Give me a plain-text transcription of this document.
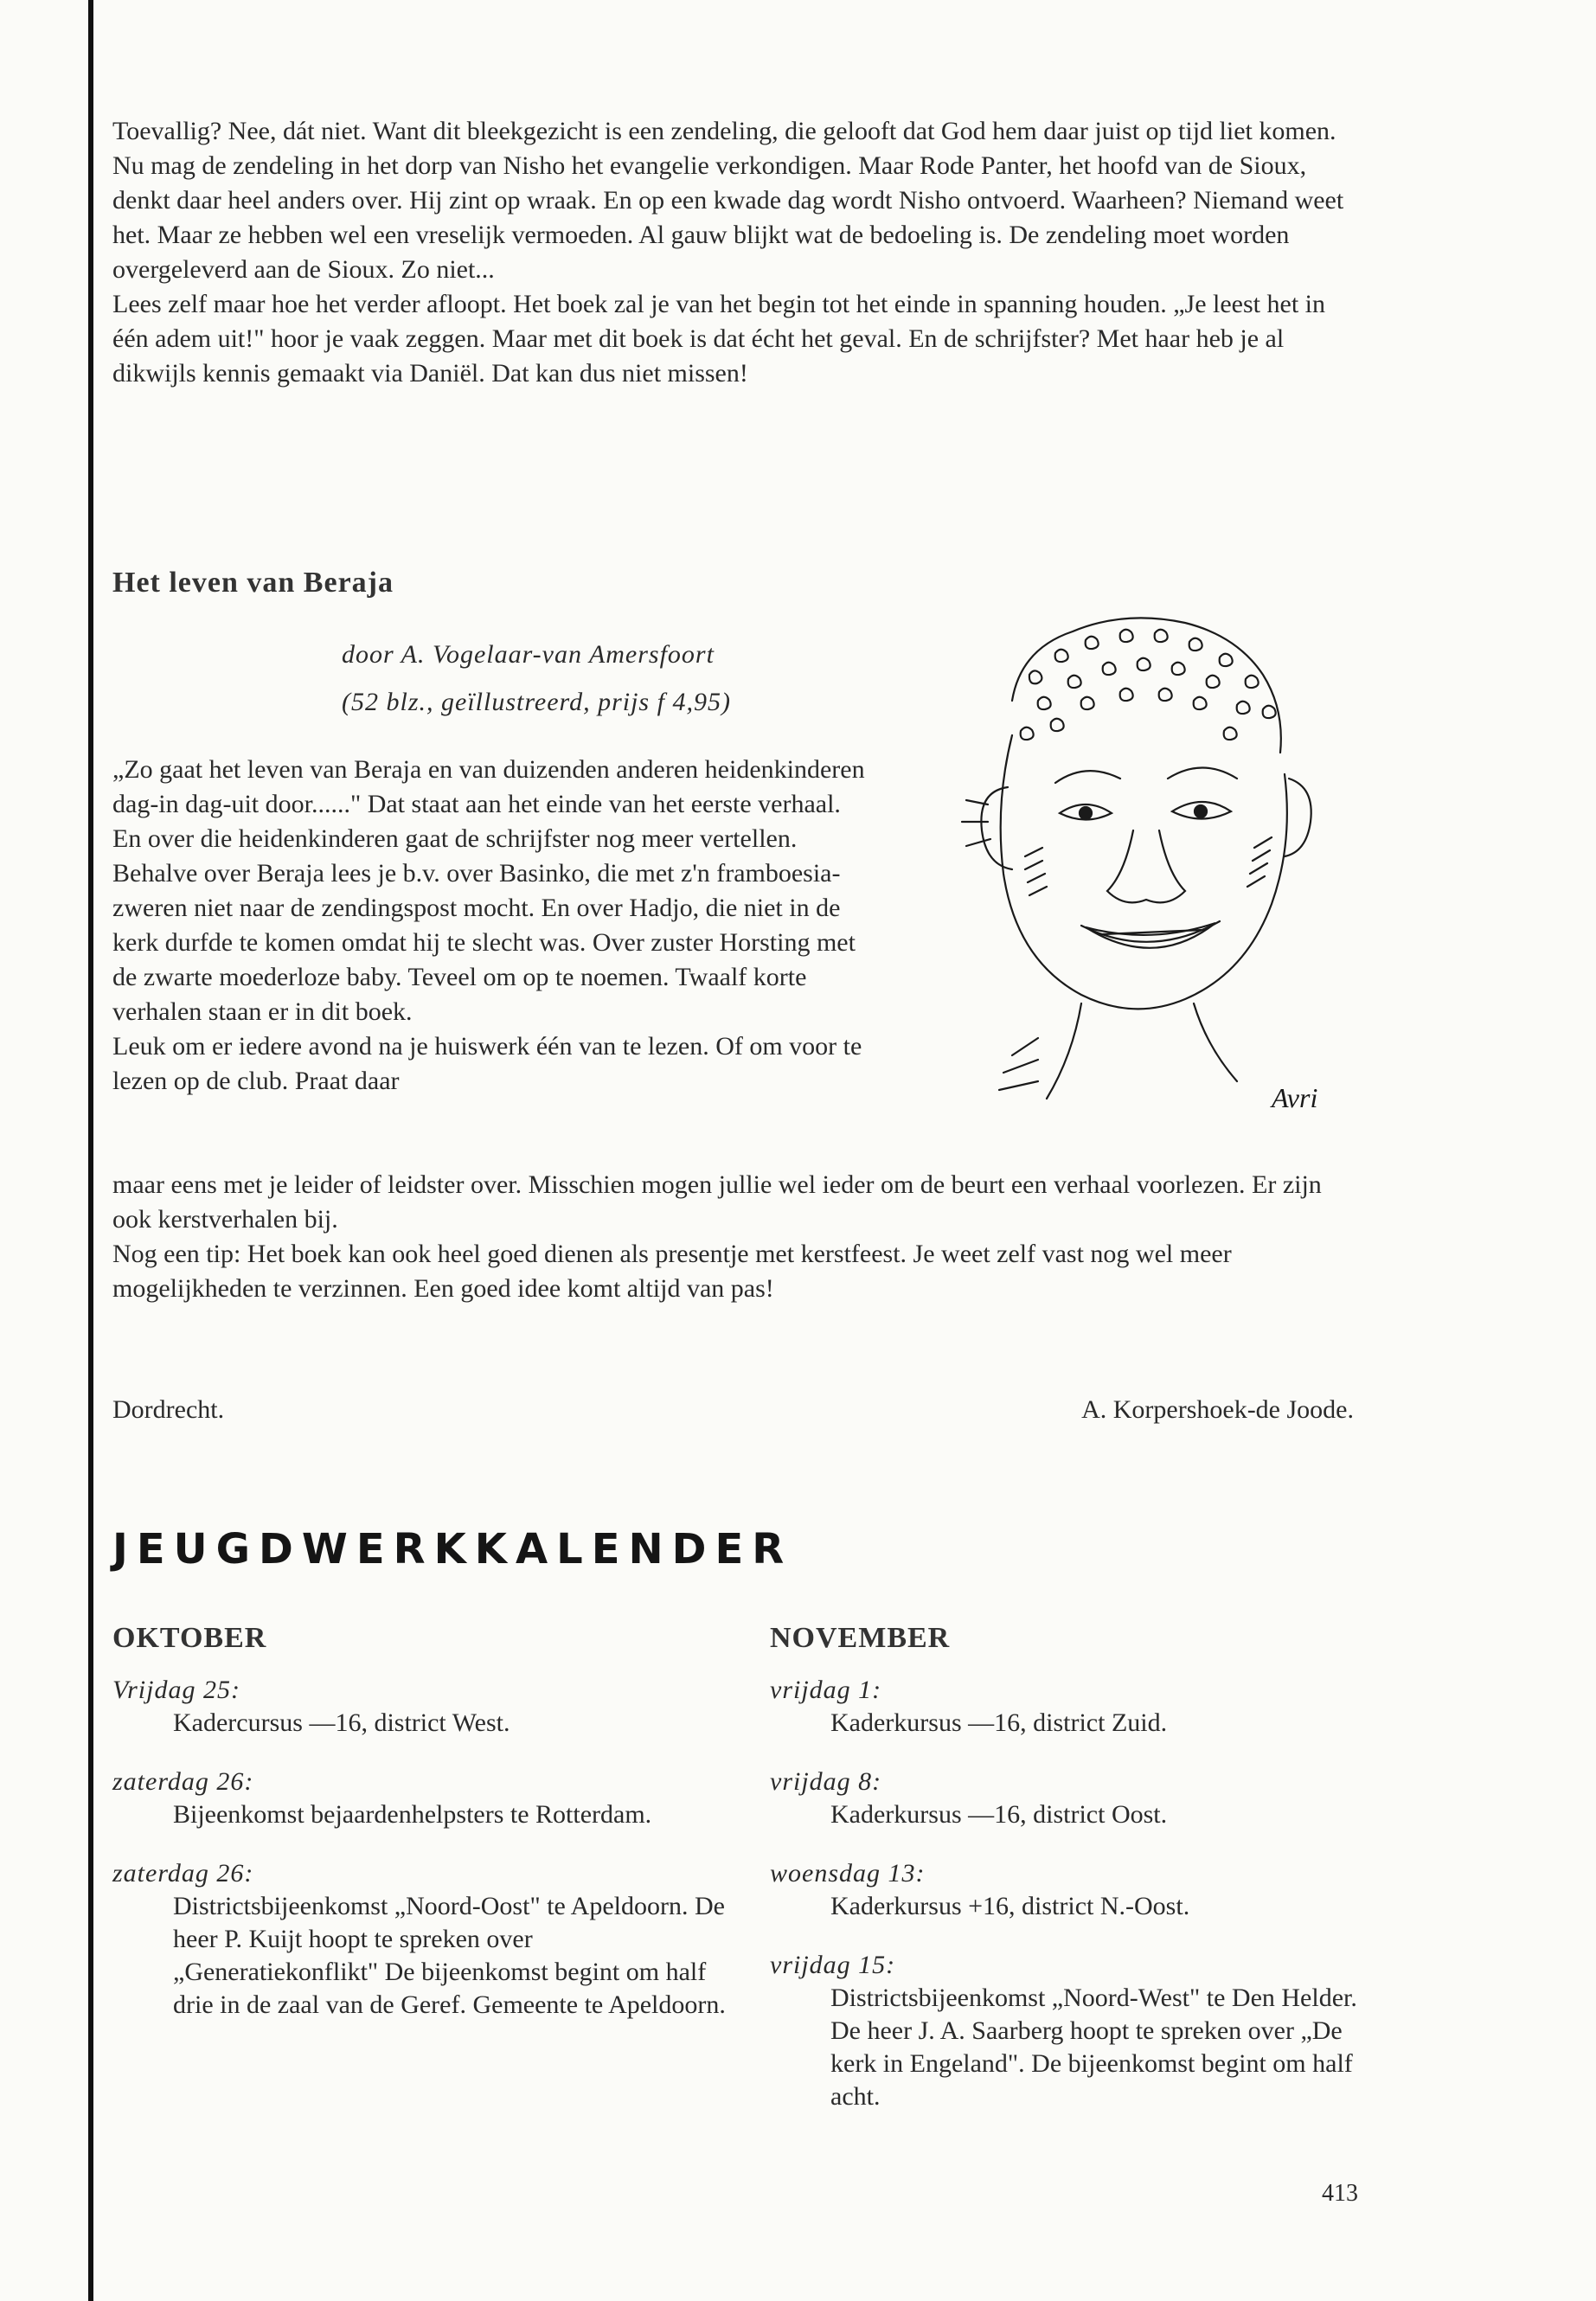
Toevallig? Nee, dát niet. Want dit bleekgezicht is een zendeling, die gelooft dat God hem daar juist op tijd liet komen.

Nu mag de zendeling in het dorp van Nisho het evangelie verkondigen. Maar Rode Panter, het hoofd van de Sioux, denkt daar heel anders over. Hij zint op wraak. En op een kwade dag wordt Nisho ontvoerd. Waarheen? Niemand weet het. Maar ze hebben wel een vreselijk vermoeden. Al gauw blijkt wat de bedoeling is. De zendeling moet worden overgeleverd aan de Sioux. Zo niet...

Lees zelf maar hoe het verder afloopt. Het boek zal je van het begin tot het einde in spanning houden. „Je leest het in één adem uit!" hoor je vaak zeggen. Maar met dit boek is dat écht het geval. En de schrijfster? Met haar heb je al dikwijls kennis gemaakt via Daniël. Dat kan dus niet missen!

Het leven van Beraja
door A. Vogelaar-van Amersfoort
(52 blz., geïllustreerd, prijs f 4,95)
Avri

„Zo gaat het leven van Beraja en van duizenden anderen heidenkinderen dag-in dag-uit door......" Dat staat aan het einde van het eerste verhaal. En over die heidenkinderen gaat de schrijfster nog meer vertellen. Behalve over Beraja lees je b.v. over Basinko, die met z'n framboesia-zweren niet naar de zendingspost mocht. En over Hadjo, die niet in de kerk durfde te komen omdat hij te slecht was. Over zuster Horsting met de zwarte moederloze baby. Teveel om op te noemen. Twaalf korte verhalen staan er in dit boek.

Leuk om er iedere avond na je huiswerk één van te lezen. Of om voor te lezen op de club. Praat daar

maar eens met je leider of leidster over. Misschien mogen jullie wel ieder om de beurt een verhaal voorlezen. Er zijn ook kerstverhalen bij.

Nog een tip: Het boek kan ook heel goed dienen als presentje met kerstfeest. Je weet zelf vast nog wel meer mogelijkheden te verzinnen. Een goed idee komt altijd van pas!

Dordrecht.	A. Korpershoek-de Joode.
JEUGDWERKKALENDER
OKTOBER	NOVEMBER
Vrijdag 25:
Kadercursus —16, district West.
zaterdag 26:
Bijeenkomst bejaardenhelpsters te Rotterdam.
zaterdag 26:
Districtsbijeenkomst „Noord-Oost" te Apeldoorn. De heer P. Kuijt hoopt te spreken over „Generatiekonflikt" De bijeenkomst begint om half drie in de zaal van de Geref. Gemeente te Apeldoorn.
vrijdag 1:
Kaderkursus —16, district Zuid.
vrijdag 8:
Kaderkursus —16, district Oost.
woensdag 13:
Kaderkursus +16, district N.-Oost.
vrijdag 15:
Districtsbijeenkomst „Noord-West" te Den Helder. De heer J. A. Saarberg hoopt te spreken over „De kerk in Engeland". De bijeenkomst begint om half acht.
413
